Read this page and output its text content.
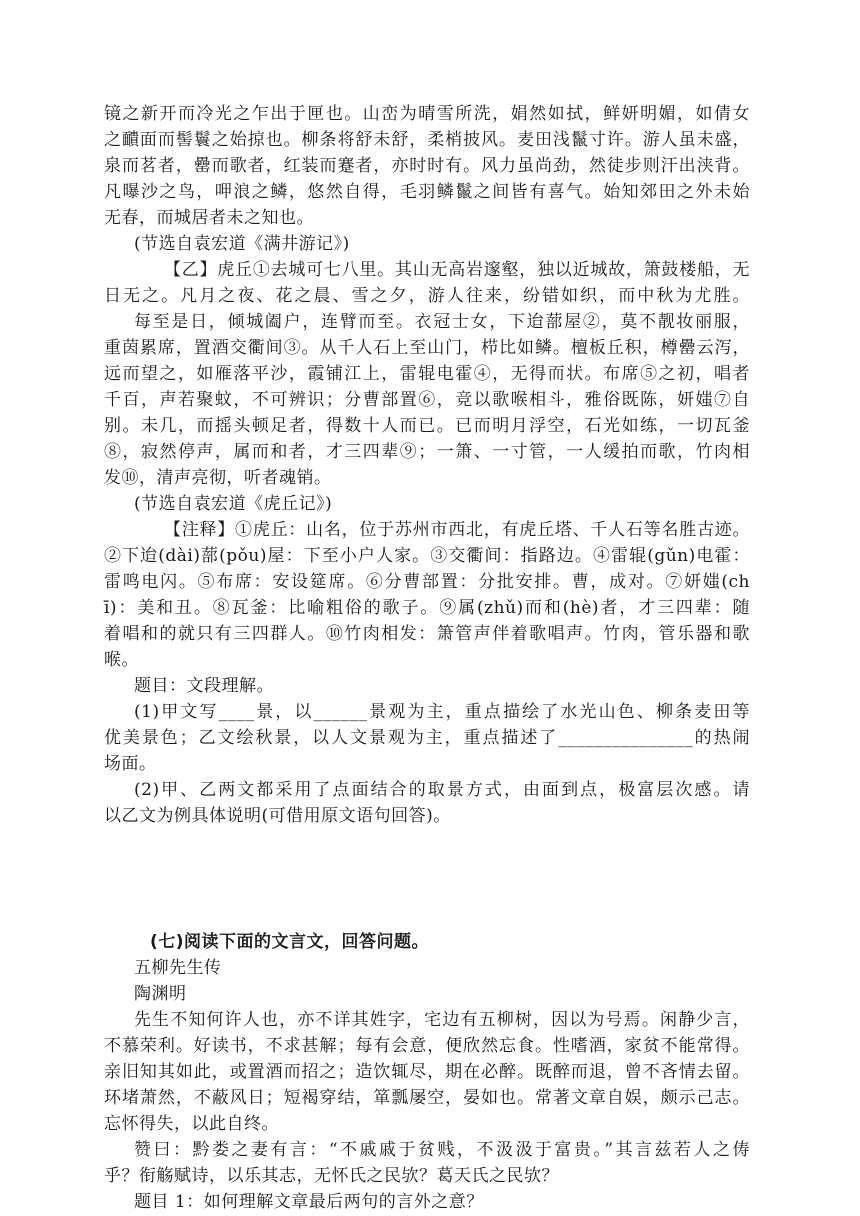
镜之新开而冷光之乍出于匣也。山峦为晴雪所洗，娟然如拭，鲜妍明媚，如倩女
之靧面而髻鬟之始掠也。柳条将舒未舒，柔梢披风。麦田浅鬣寸许。游人虽未盛，
泉而茗者，罍而歌者，红装而蹇者，亦时时有。风力虽尚劲，然徒步则汗出浃背。
凡曝沙之鸟，呷浪之鳞，悠然自得，毛羽鳞鬣之间皆有喜气。始知郊田之外未始
无春，而城居者未之知也。
(节选自袁宏道《满井游记》)
【乙】虎丘①去城可七八里。其山无高岩邃壑，独以近城故，箫鼓楼船，无
日无之。凡月之夜、花之晨、雪之夕，游人往来，纷错如织，而中秋为尤胜。
每至是日，倾城阖户，连臂而至。衣冠士女，下迨蔀屋②，莫不靓妆丽服，
重茵累席，置酒交衢间③。从千人石上至山门，栉比如鳞。檀板丘积，樽罍云泻，
远而望之，如雁落平沙，霞铺江上，雷辊电霍④，无得而状。布席⑤之初，唱者
千百，声若聚蚊，不可辨识；分曹部置⑥，竞以歌喉相斗，雅俗既陈，妍媸⑦自
别。未几，而摇头顿足者，得数十人而已。已而明月浮空，石光如练，一切瓦釜
⑧，寂然停声，属而和者，才三四辈⑨；一箫、一寸管，一人缓拍而歌，竹肉相
发⑩，清声亮彻，听者魂销。
(节选自袁宏道《虎丘记》)
【注释】①虎丘：山名，位于苏州市西北，有虎丘塔、千人石等名胜古迹。
②下迨(dài)蔀(pǒu)屋：下至小户人家。③交衢间：指路边。④雷辊(gǔn)电霍：
雷鸣电闪。⑤布席：安设筵席。⑥分曹部置：分批安排。曹，成对。⑦妍媸(ch
ī)：美和丑。⑧瓦釜：比喻粗俗的歌子。⑨属(zhǔ)而和(hè)者，才三四辈：随
着唱和的就只有三四群人。⑩竹肉相发：箫管声伴着歌唱声。竹肉，管乐器和歌
喉。
题目：文段理解。
(1)甲文写____景，以______景观为主，重点描绘了水光山色、柳条麦田等
优美景色；乙文绘秋景，以人文景观为主，重点描述了_______________的热闹
场面。
(2)甲、乙两文都采用了点面结合的取景方式，由面到点，极富层次感。请
以乙文为例具体说明(可借用原文语句回答)。
(七)阅读下面的文言文，回答问题。
五柳先生传
陶渊明
先生不知何许人也，亦不详其姓字，宅边有五柳树，因以为号焉。闲静少言，
不慕荣利。好读书，不求甚解；每有会意，便欣然忘食。性嗜酒，家贫不能常得。
亲旧知其如此，或置酒而招之；造饮辄尽，期在必醉。既醉而退，曾不吝情去留。
环堵萧然，不蔽风日；短褐穿结，箪瓢屡空，晏如也。常著文章自娱，颇示己志。
忘怀得失，以此自终。
赞曰：黔娄之妻有言：“不戚戚于贫贱，不汲汲于富贵。”其言兹若人之俦
乎？衔觞赋诗，以乐其志，无怀氏之民欤？葛天氏之民欤？
题目 1：如何理解文章最后两句的言外之意？
